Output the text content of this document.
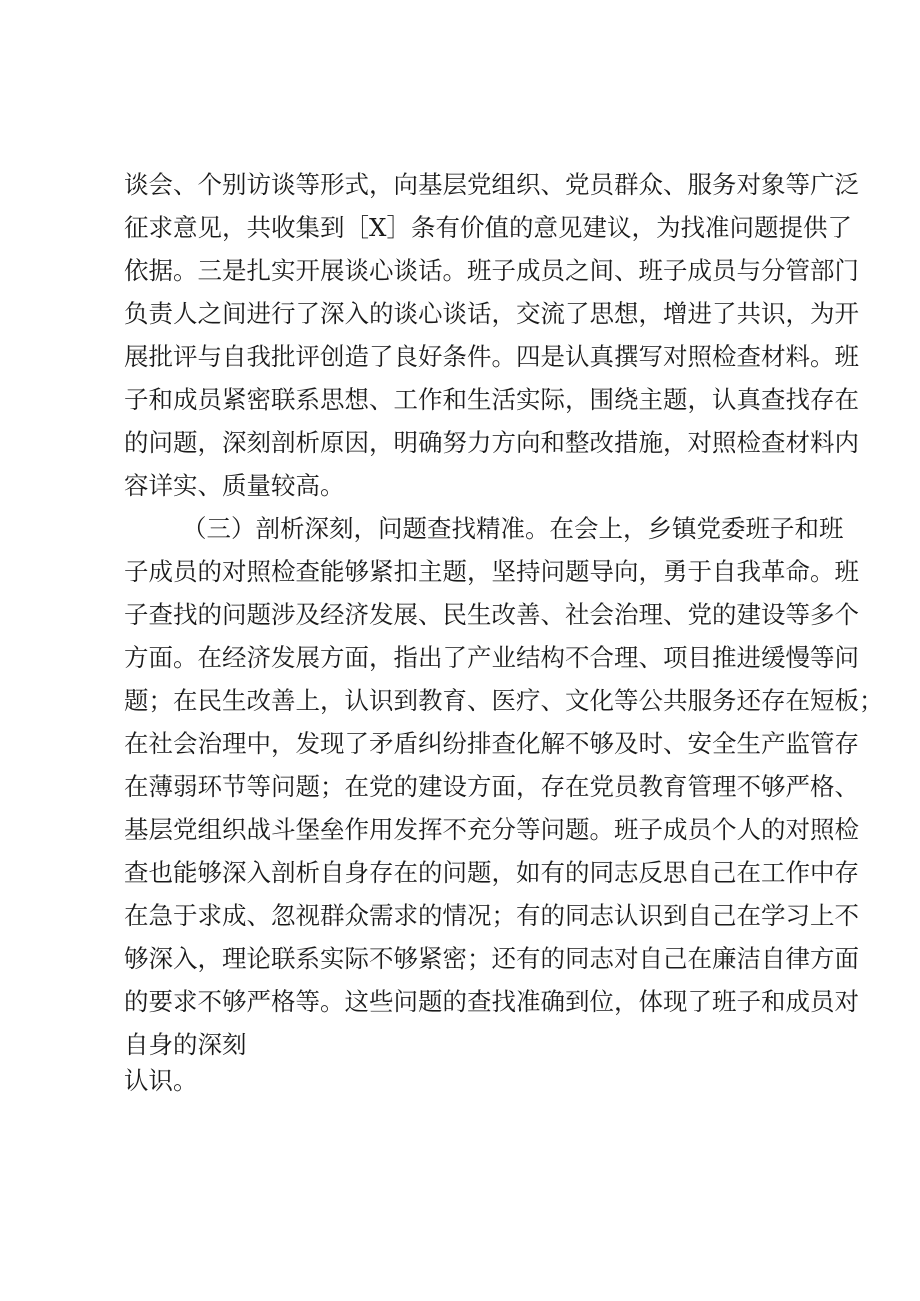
谈会、个别访谈等形式，向基层党组织、党员群众、服务对象等广泛
征求意见，共收集到［X］条有价值的意见建议，为找准问题提供了
依据。三是扎实开展谈心谈话。班子成员之间、班子成员与分管部门
负责人之间进行了深入的谈心谈话，交流了思想，增进了共识，为开
展批评与自我批评创造了良好条件。四是认真撰写对照检查材料。班
子和成员紧密联系思想、工作和生活实际，围绕主题，认真查找存在
的问题，深刻剖析原因，明确努力方向和整改措施，对照检查材料内
容详实、质量较高。
（三）剖析深刻，问题查找精准。在会上，乡镇党委班子和班
子成员的对照检查能够紧扣主题，坚持问题导向，勇于自我革命。班
子查找的问题涉及经济发展、民生改善、社会治理、党的建设等多个
方面。在经济发展方面，指出了产业结构不合理、项目推进缓慢等问
题；在民生改善上，认识到教育、医疗、文化等公共服务还存在短板；
在社会治理中，发现了矛盾纠纷排查化解不够及时、安全生产监管存
在薄弱环节等问题；在党的建设方面，存在党员教育管理不够严格、
基层党组织战斗堡垒作用发挥不充分等问题。班子成员个人的对照检
查也能够深入剖析自身存在的问题，如有的同志反思自己在工作中存
在急于求成、忽视群众需求的情况；有的同志认识到自己在学习上不
够深入，理论联系实际不够紧密；还有的同志对自己在廉洁自律方面
的要求不够严格等。这些问题的查找准确到位，体现了班子和成员对
自身的深刻
认识。
